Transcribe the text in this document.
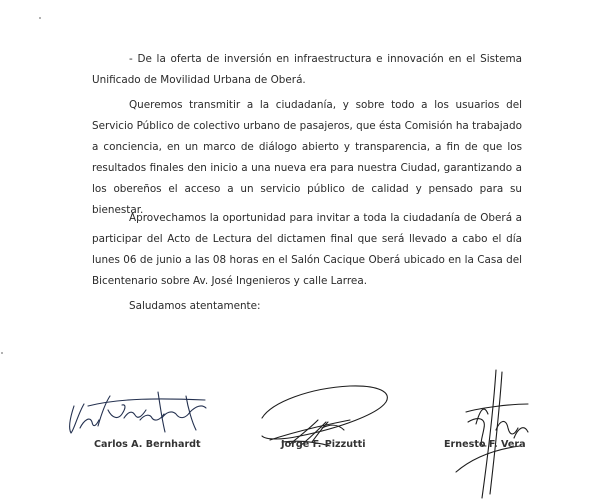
- De la oferta de inversión en infraestructura e innovación en el Sistema Unificado de Movilidad Urbana de Oberá.

Queremos transmitir a la ciudadanía, y sobre todo a los usuarios del Servicio Público de colectivo urbano de pasajeros, que ésta Comisión ha trabajado a conciencia, en un marco de diálogo abierto y transparencia, a fin de que los resultados finales den inicio a una nueva era para nuestra Ciudad, garantizando a los obereños el acceso a un servicio público de calidad y pensado para su bienestar.

Aprovechamos la oportunidad para invitar a toda la ciudadanía de Oberá a participar del Acto de Lectura del dictamen final que será llevado a cabo el día lunes 06 de junio a las 08 horas en el Salón Cacique Oberá ubicado en la Casa del Bicentenario sobre Av. José Ingenieros y calle Larrea.

Saludamos atentamente:

Carlos A. Bernhardt	Jorge F. Pizzutti	Ernesto F. Vera
